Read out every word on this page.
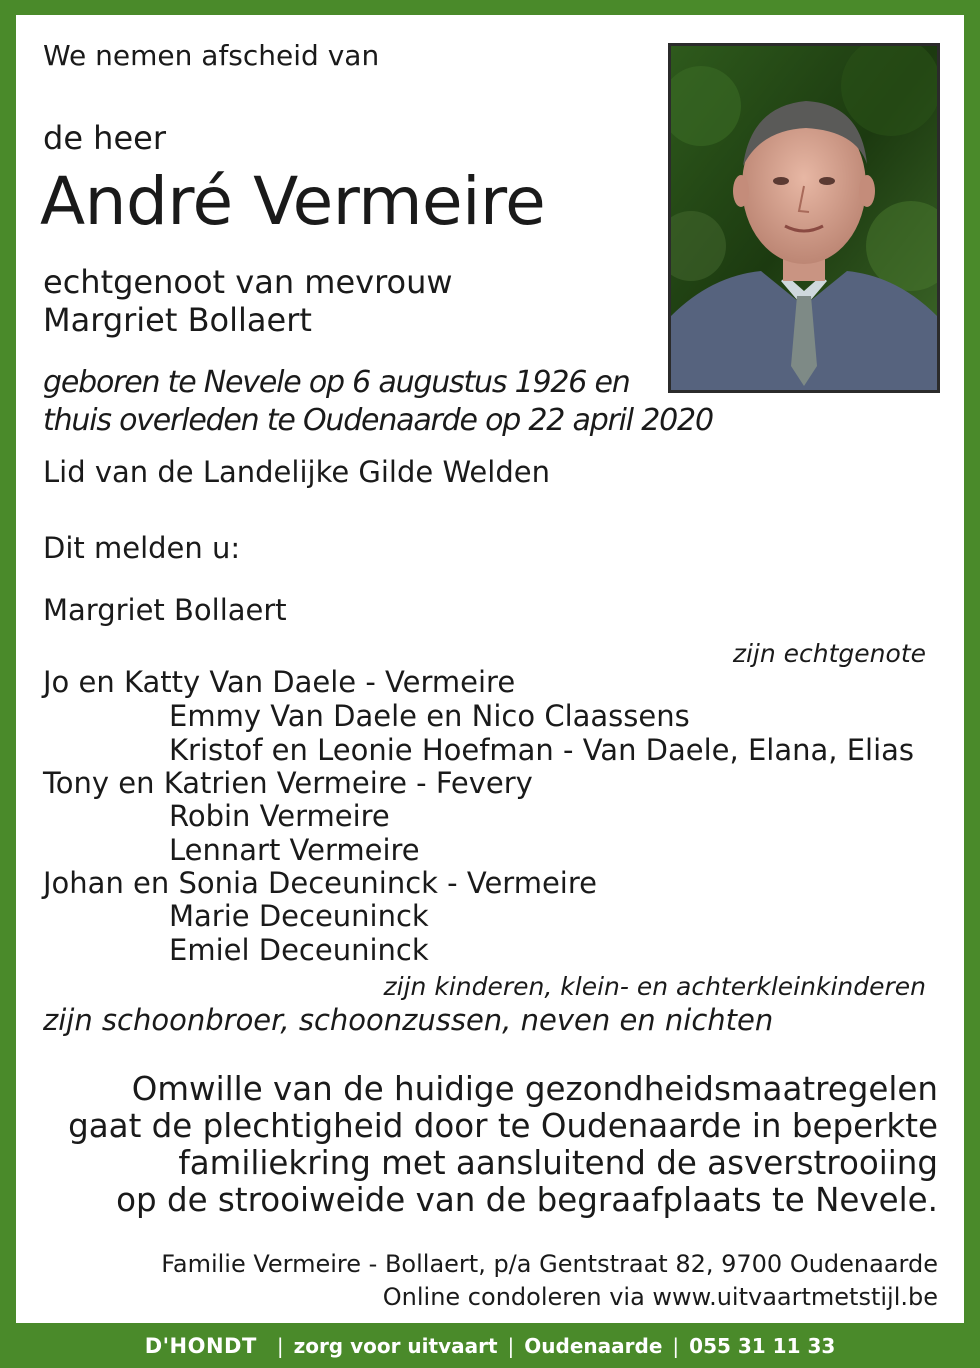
We nemen afscheid van
de heer
André Vermeire
echtgenoot van mevrouw
Margriet Bollaert
geboren te Nevele op 6 augustus 1926 en
thuis overleden te Oudenaarde op 22 april 2020
Lid van de Landelijke Gilde Welden
Dit melden u:
Margriet Bollaert
zijn echtgenote
Jo en Katty Van Daele - Vermeire
Emmy Van Daele en Nico Claassens
Kristof en Leonie Hoefman - Van Daele, Elana, Elias
Tony en Katrien Vermeire - Fevery
Robin Vermeire
Lennart Vermeire
Johan en Sonia Deceuninck - Vermeire
Marie Deceuninck
Emiel Deceuninck
zijn kinderen, klein- en achterkleinkinderen
zijn schoonbroer, schoonzussen, neven en nichten
Omwille van de huidige gezondheidsmaatregelen
gaat de plechtigheid door te Oudenaarde in beperkte
familiekring met aansluitend de asverstrooiing
op de strooiweide van de begraafplaats te Nevele.
Familie Vermeire - Bollaert, p/a Gentstraat 82, 9700 Oudenaarde
Online condoleren via www.uitvaartmetstijl.be
D'HONDT | zorg voor uitvaart | Oudenaarde | 055 31 11 33
